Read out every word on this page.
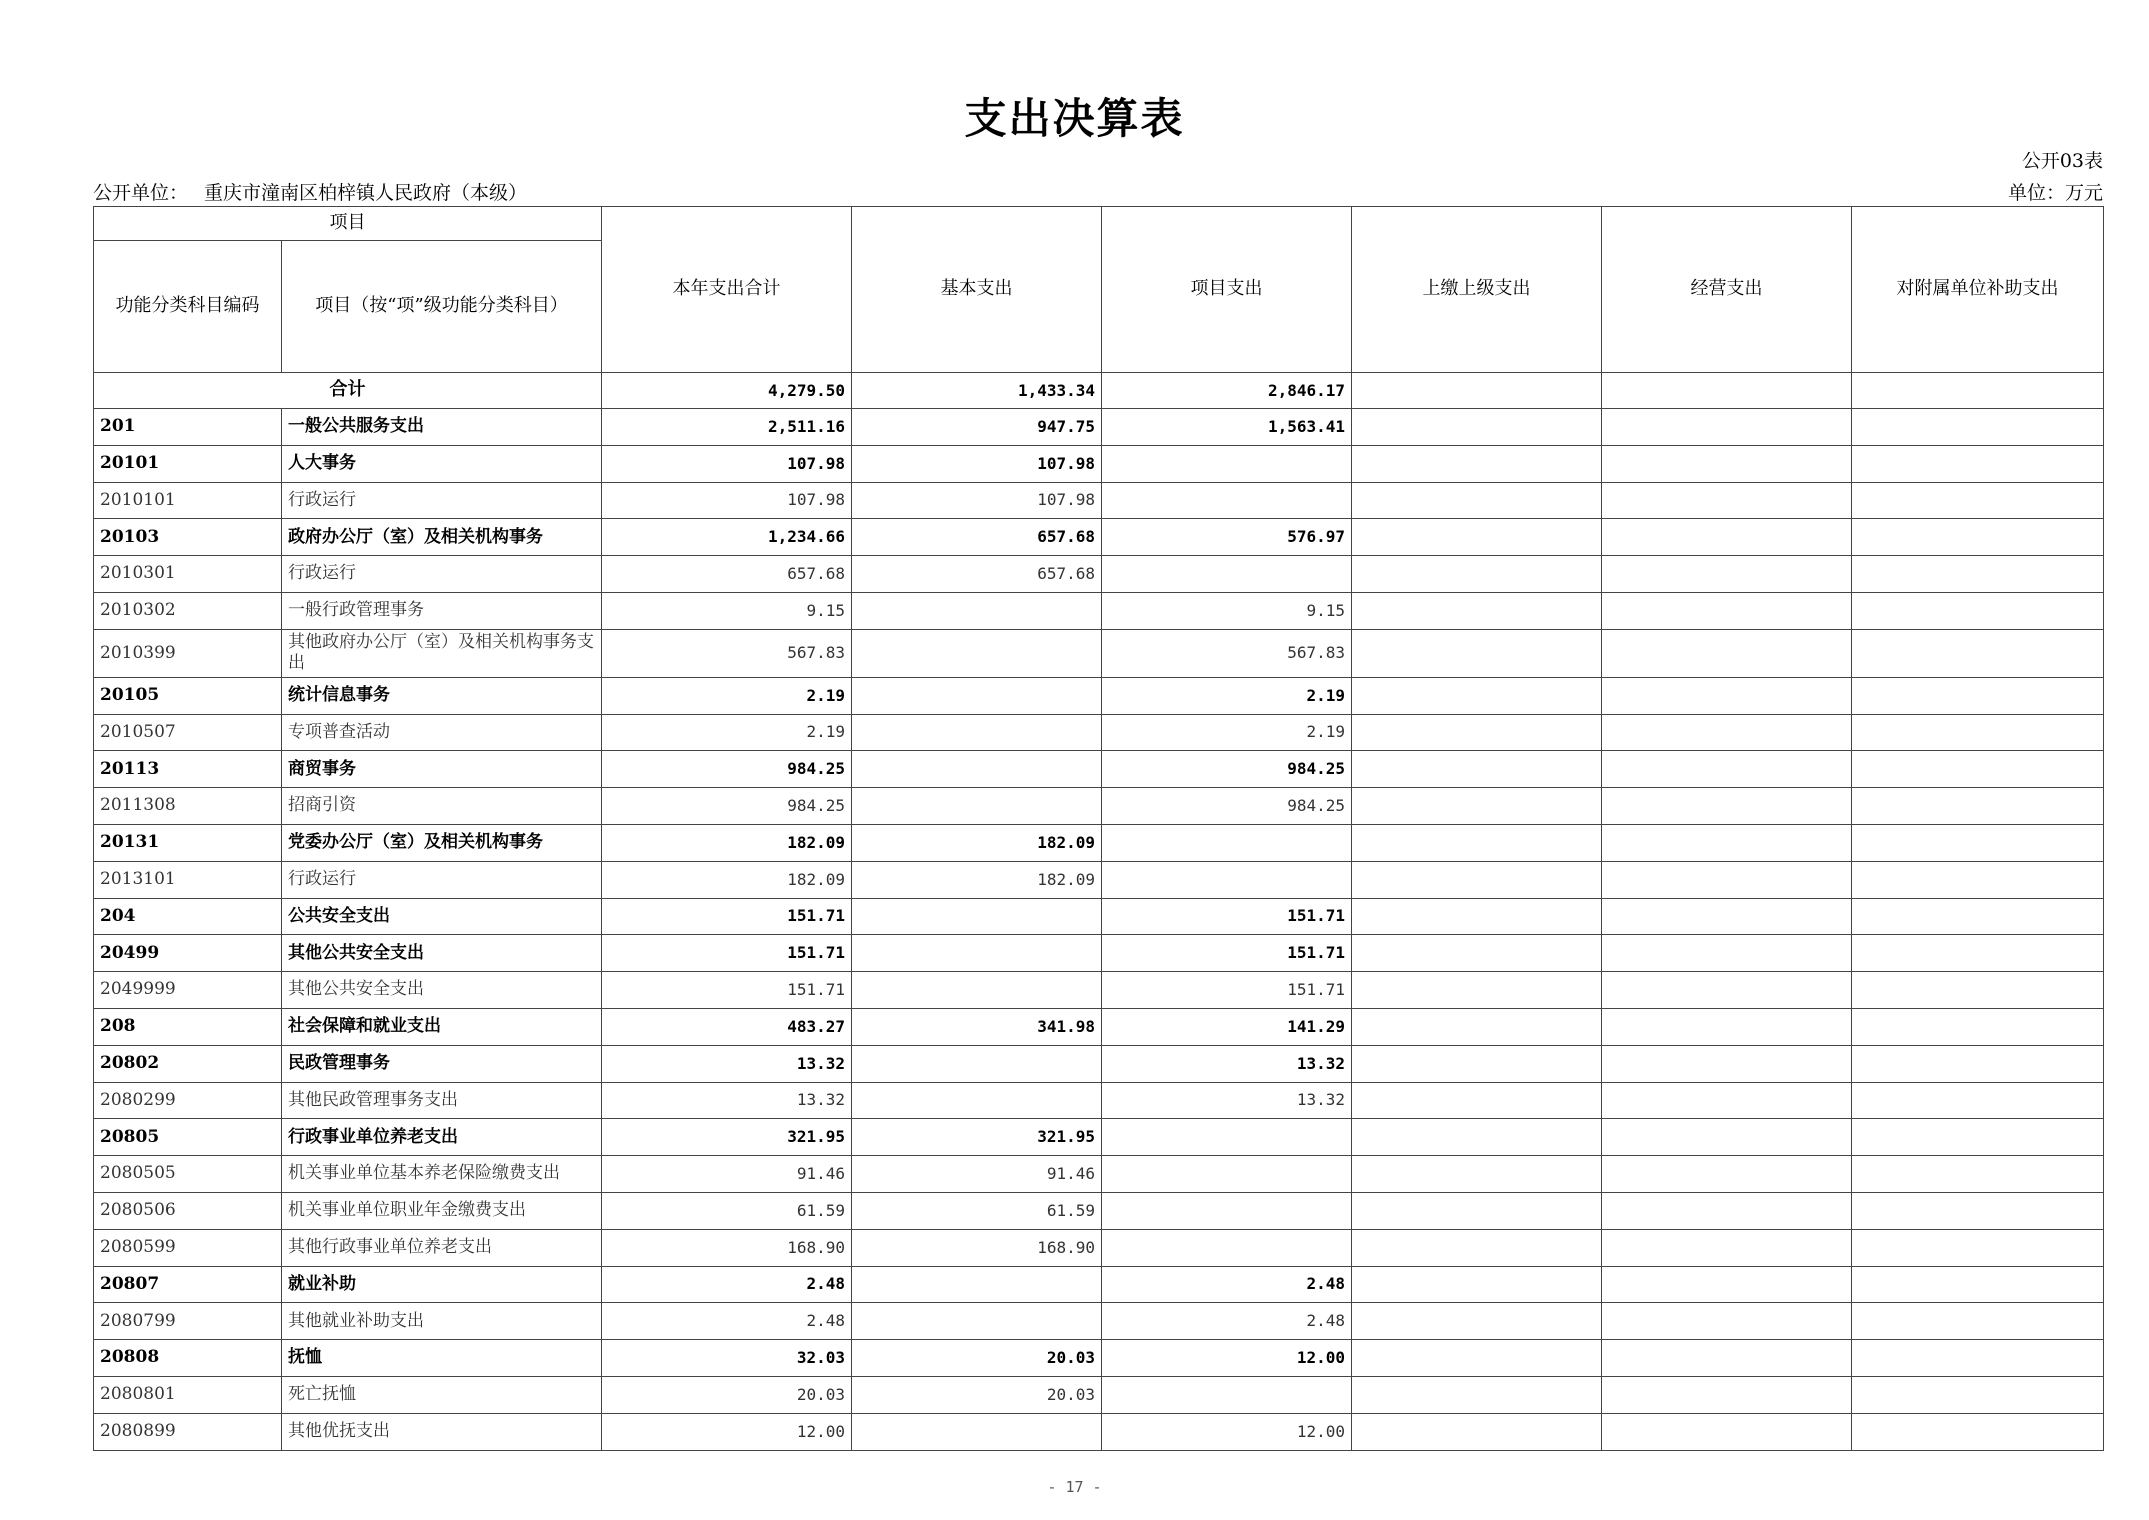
支出决算表
公开03表
公开单位： 重庆市潼南区柏梓镇人民政府（本级）	单位：万元
项目		本年支出合计	基本支出	项目支出	上缴上级支出	经营支出	对附属单位补助支出
功能分类科目编码	项目（按“项”级功能分类科目）						
合计		4,279.50	1,433.34	2,846.17			
201	一般公共服务支出	2,511.16	947.75	1,563.41			
20101	人大事务	107.98	107.98				
2010101	行政运行	107.98	107.98				
20103	政府办公厅（室）及相关机构事务	1,234.66	657.68	576.97			
2010301	行政运行	657.68	657.68				
2010302	一般行政管理事务	9.15		9.15			
2010399	其他政府办公厅（室）及相关机构事务支出	567.83		567.83			
20105	统计信息事务	2.19		2.19			
2010507	专项普查活动	2.19		2.19			
20113	商贸事务	984.25		984.25			
2011308	招商引资	984.25		984.25			
20131	党委办公厅（室）及相关机构事务	182.09	182.09				
2013101	行政运行	182.09	182.09				
204	公共安全支出	151.71		151.71			
20499	其他公共安全支出	151.71		151.71			
2049999	其他公共安全支出	151.71		151.71			
208	社会保障和就业支出	483.27	341.98	141.29			
20802	民政管理事务	13.32		13.32			
2080299	其他民政管理事务支出	13.32		13.32			
20805	行政事业单位养老支出	321.95	321.95				
2080505	机关事业单位基本养老保险缴费支出	91.46	91.46				
2080506	机关事业单位职业年金缴费支出	61.59	61.59				
2080599	其他行政事业单位养老支出	168.90	168.90				
20807	就业补助	2.48		2.48			
2080799	其他就业补助支出	2.48		2.48			
20808	抚恤	32.03	20.03	12.00			
2080801	死亡抚恤	20.03	20.03				
2080899	其他优抚支出	12.00		12.00			
- 17 -
